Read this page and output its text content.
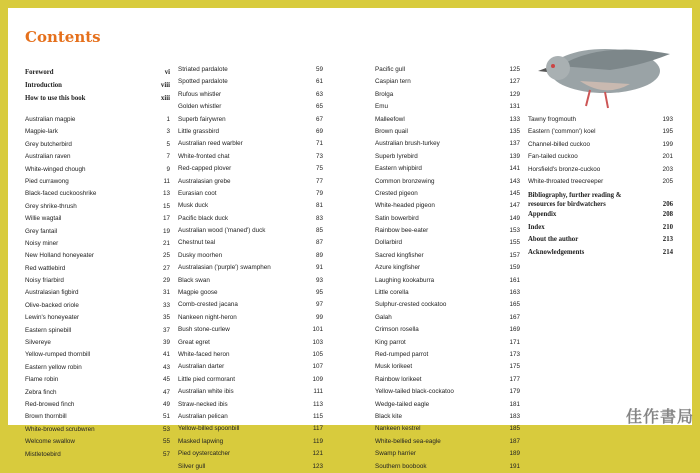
Contents
Foreword	vi
Introduction	viii
How to use this book	xiii
Australian magpie	1
Magpie-lark	3
Grey butcherbird	5
Australian raven	7
White-winged chough	9
Pied currawong	11
Black-faced cuckooshrike	13
Grey shrike-thrush	15
Willie wagtail	17
Grey fantail	19
Noisy miner	21
New Holland honeyeater	25
Red wattlebird	27
Noisy friarbird	29
Australasian figbird	31
Olive-backed oriole	33
Lewin's honeyeater	35
Eastern spinebill	37
Silvereye	39
Yellow-rumped thornbill	41
Eastern yellow robin	43
Flame robin	45
Zebra finch	47
Red-browed finch	49
Brown thornbill	51
White-browed scrubwren	53
Welcome swallow	55
Mistletoebird	57
Striated pardalote	59
Spotted pardalote	61
Rufous whistler	63
Golden whistler	65
Superb fairywren	67
Little grassbird	69
Australian reed warbler	71
White-fronted chat	73
Red-capped plover	75
Australasian grebe	77
Eurasian coot	79
Musk duck	81
Pacific black duck	83
Australian wood ('maned') duck	85
Chestnut teal	87
Dusky moorhen	89
Australasian ('purple') swamphen	91
Black swan	93
Magpie goose	95
Comb-crested jacana	97
Nankeen night-heron	99
Bush stone-curlew	101
Great egret	103
White-faced heron	105
Australian darter	107
Little pied cormorant	109
Australian white ibis	111
Straw-necked ibis	113
Australian pelican	115
Yellow-billed spoonbill	117
Masked lapwing	119
Pied oystercatcher	121
Silver gull	123
Pacific gull	125
Caspian tern	127
Brolga	129
Emu	131
Malleefowl	133
Brown quail	135
Australian brush-turkey	137
Superb lyrebird	139
Eastern whipbird	141
Common bronzewing	143
Crested pigeon	145
White-headed pigeon	147
Satin bowerbird	149
Rainbow bee-eater	153
Dollarbird	155
Sacred kingfisher	157
Azure kingfisher	159
Laughing kookaburra	161
Little corella	163
Sulphur-crested cockatoo	165
Galah	167
Crimson rosella	169
King parrot	171
Red-rumped parrot	173
Musk lorikeet	175
Rainbow lorikeet	177
Yellow-tailed black-cockatoo	179
Wedge-tailed eagle	181
Black kite	183
Nankeen kestrel	185
White-bellied sea-eagle	187
Swamp harrier	189
Southern boobook	191
Tawny frogmouth	193
Eastern ('common') koel	195
Channel-billed cuckoo	199
Fan-tailed cuckoo	201
Horsfield's bronze-cuckoo	203
White-throated treecreeper	205
Bibliography, further reading & resources for birdwatchers	206
Appendix	208
Index	210
About the author	213
Acknowledgements	214
佳作書局
